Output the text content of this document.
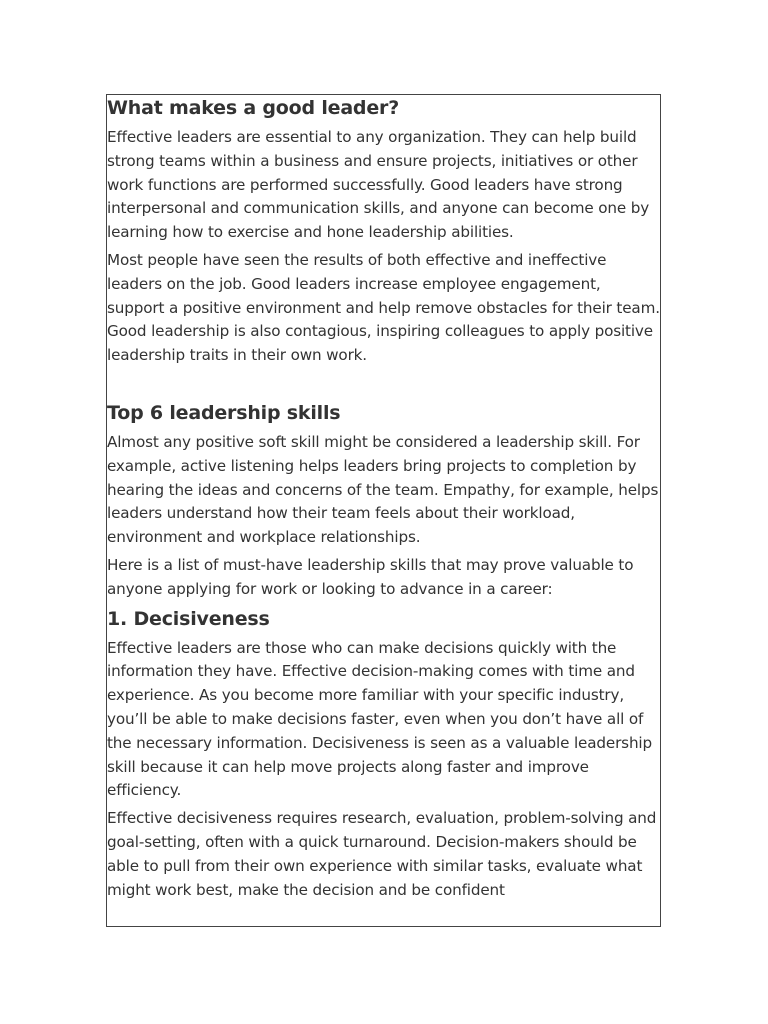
What makes a good leader?

Effective leaders are essential to any organization. They can help build strong teams within a business and ensure projects, initiatives or other work functions are performed successfully. Good leaders have strong interpersonal and communication skills, and anyone can become one by learning how to exercise and hone leadership abilities.

Most people have seen the results of both effective and ineffective leaders on the job. Good leaders increase employee engagement, support a positive environment and help remove obstacles for their team. Good leadership is also contagious, inspiring colleagues to apply positive leadership traits in their own work.

Top 6 leadership skills

Almost any positive soft skill might be considered a leadership skill. For example, active listening helps leaders bring projects to completion by hearing the ideas and concerns of the team. Empathy, for example, helps leaders understand how their team feels about their workload, environment and workplace relationships.

Here is a list of must-have leadership skills that may prove valuable to anyone applying for work or looking to advance in a career:

1. Decisiveness

Effective leaders are those who can make decisions quickly with the information they have. Effective decision-making comes with time and experience. As you become more familiar with your specific industry, you’ll be able to make decisions faster, even when you don’t have all of the necessary information. Decisiveness is seen as a valuable leadership skill because it can help move projects along faster and improve efficiency.

Effective decisiveness requires research, evaluation, problem-solving and goal-setting, often with a quick turnaround. Decision-makers should be able to pull from their own experience with similar tasks, evaluate what might work best, make the decision and be confident
